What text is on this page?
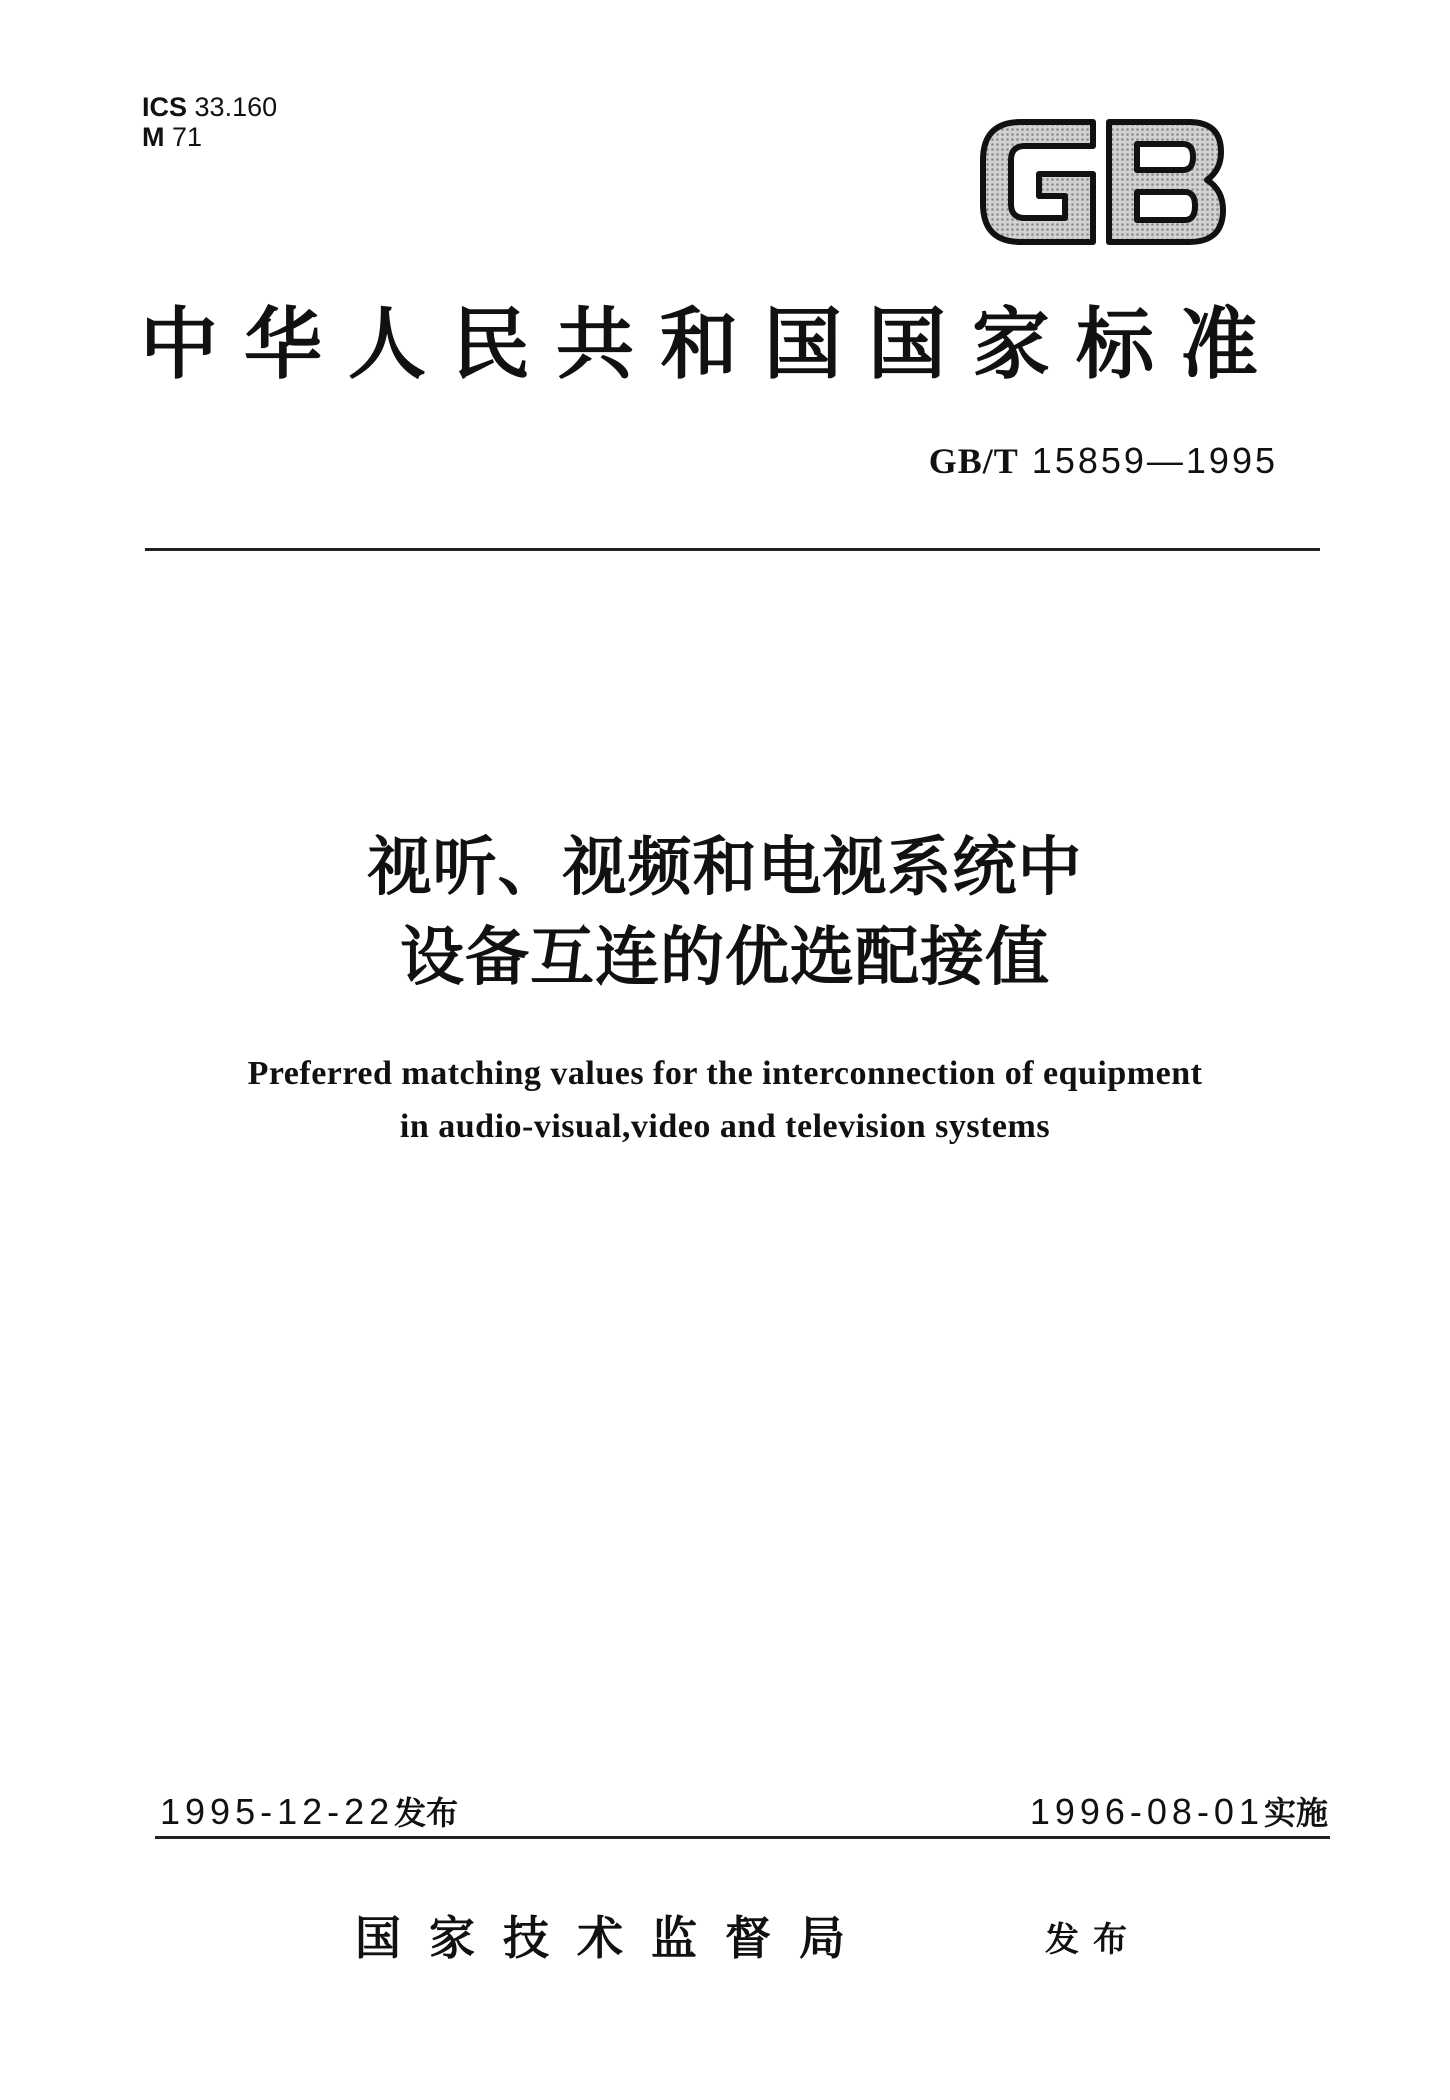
ICS 33.160
M 71
中华人民共和国国家标准
GB/T 15859—1995
视听、视频和电视系统中
设备互连的优选配接值
Preferred matching values for the interconnection of equipment
in audio-visual,video and television systems
1995-12-22发布	1996-08-01实施
国家技术监督局	发布
